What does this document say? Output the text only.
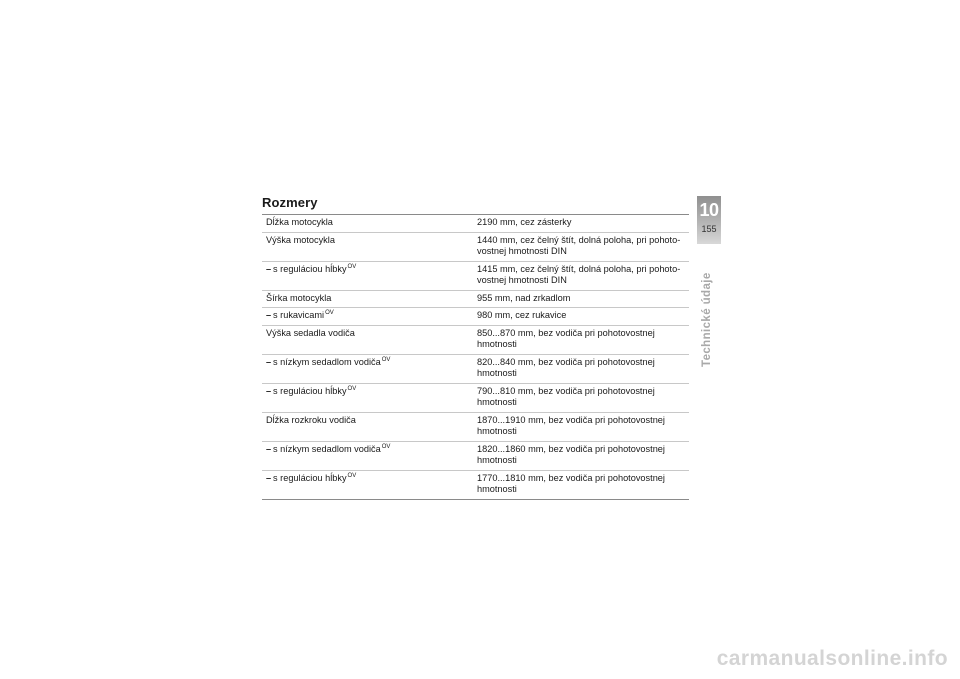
Rozmery
Dĺžka motocykla	2190 mm, cez zásterky
Výška motocykla	1440 mm, cez čelný štít, dolná poloha, pri pohoto-vostnej hmotnosti DIN
– s reguláciou hĺbky$^{OV}$	1415 mm, cez čelný štít, dolná poloha, pri pohoto-vostnej hmotnosti DIN
Šírka motocykla	955 mm, nad zrkadlom
– s rukavicami$^{OV}$	980 mm, cez rukavice
Výška sedadla vodiča	850...870 mm, bez vodiča pri pohotovostnej hmotnosti
– s nízkym sedadlom vodiča$^{OV}$	820...840 mm, bez vodiča pri pohotovostnej hmotnosti
– s reguláciou hĺbky$^{OV}$	790...810 mm, bez vodiča pri pohotovostnej hmotnosti
Dĺžka rozkroku vodiča	1870...1910 mm, bez vodiča pri pohotovostnej hmotnosti
– s nízkym sedadlom vodiča$^{OV}$	1820...1860 mm, bez vodiča pri pohotovostnej hmotnosti
– s reguláciou hĺbky$^{OV}$	1770...1810 mm, bez vodiča pri pohotovostnej hmotnosti
10
155
Technické údaje
carmanualsonline.info
